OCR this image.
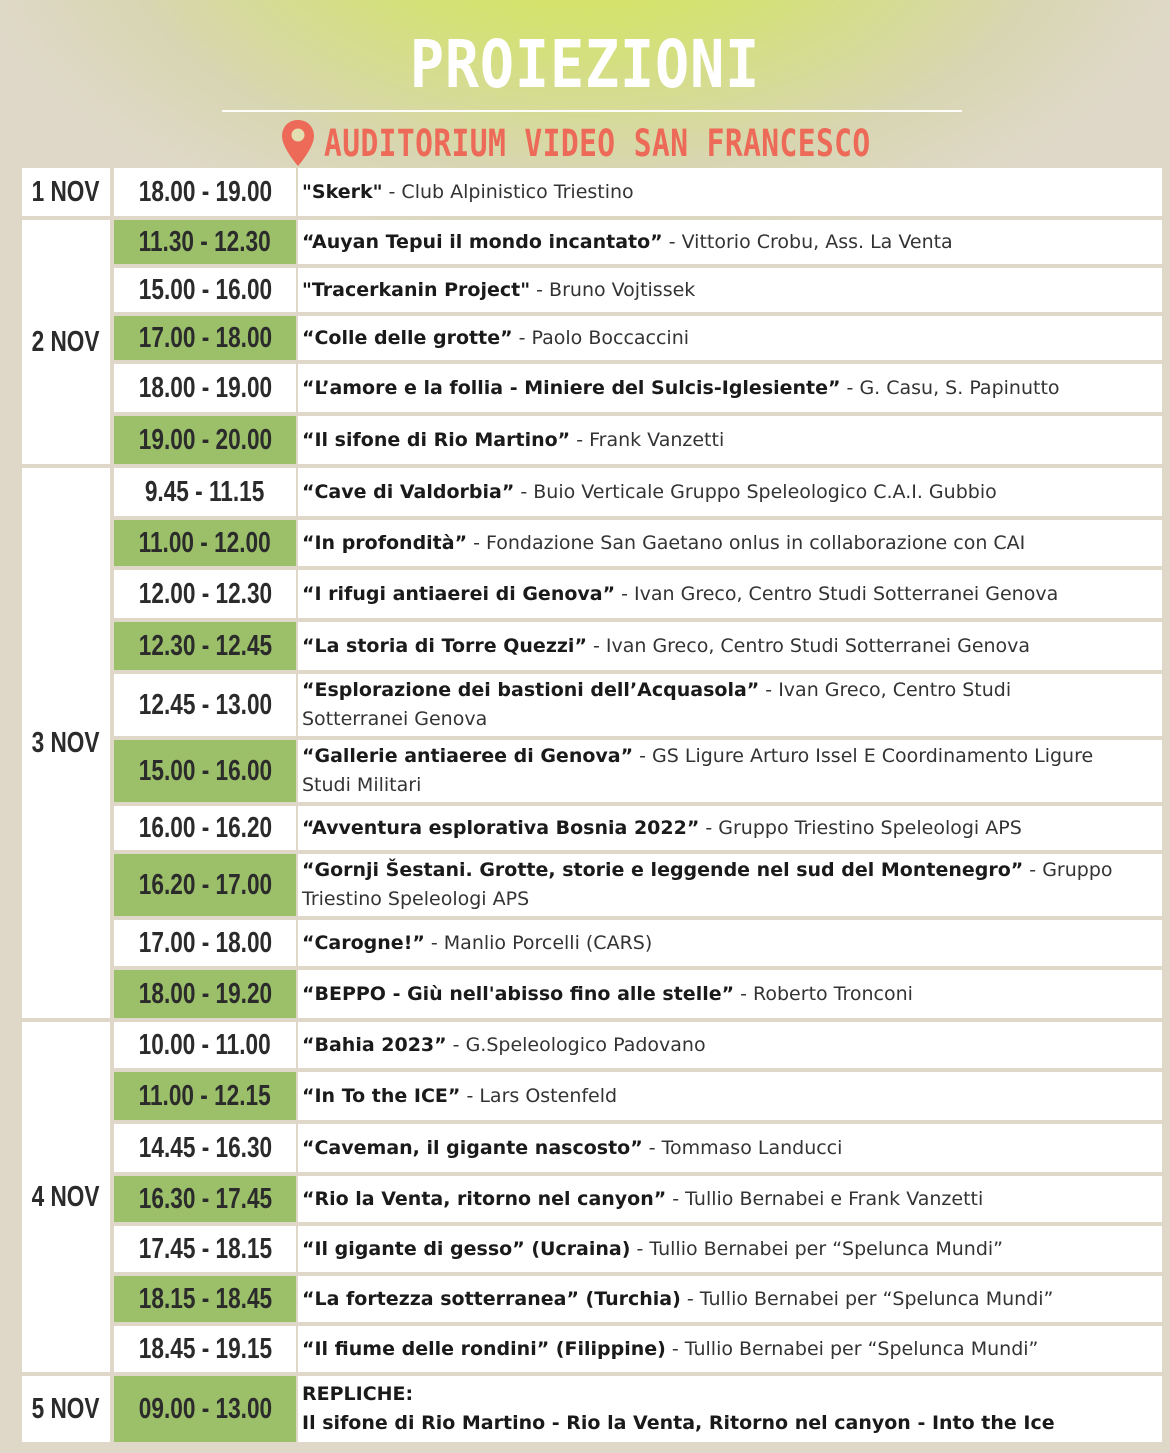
PROIEZIONI
AUDITORIUM VIDEO SAN FRANCESCO
1 NOV
2 NOV
3 NOV
4 NOV
5 NOV
18.00 - 19.00
11.30 - 12.30
15.00 - 16.00
17.00 - 18.00
18.00 - 19.00
19.00 - 20.00
9.45 - 11.15
11.00 - 12.00
12.00 - 12.30
12.30 - 12.45
12.45 - 13.00
15.00 - 16.00
16.00 - 16.20
16.20 - 17.00
17.00 - 18.00
18.00 - 19.20
10.00 - 11.00
11.00 - 12.15
14.45 - 16.30
16.30 - 17.45
17.45 - 18.15
18.15 - 18.45
18.45 - 19.15
09.00 - 13.00
"Skerk" - Club Alpinistico Triestino
“Auyan Tepui il mondo incantato” - Vittorio Crobu, Ass. La Venta
"Tracerkanin Project" - Bruno Vojtissek
“Colle delle grotte” - Paolo Boccaccini
“L’amore e la follia - Miniere del Sulcis-Iglesiente” - G. Casu, S. Papinutto
“Il sifone di Rio Martino” - Frank Vanzetti
“Cave di Valdorbia” - Buio Verticale Gruppo Speleologico C.A.I. Gubbio
“In profondità” - Fondazione San Gaetano onlus in collaborazione con CAI
“I rifugi antiaerei di Genova” - Ivan Greco, Centro Studi Sotterranei Genova
“La storia di Torre Quezzi” - Ivan Greco, Centro Studi Sotterranei Genova
“Esplorazione dei bastioni dell’Acquasola” - Ivan Greco, Centro Studi
Sotterranei Genova
“Gallerie antiaeree di Genova” - GS Ligure Arturo Issel E Coordinamento Ligure
Studi Militari
“Avventura esplorativa Bosnia 2022” - Gruppo Triestino Speleologi APS
“Gornji Šestani. Grotte, storie e leggende nel sud del Montenegro” - Gruppo
Triestino Speleologi APS
“Carogne!” - Manlio Porcelli (CARS)
“BEPPO - Giù nell'abisso fino alle stelle” - Roberto Tronconi
“Bahia 2023” - G.Speleologico Padovano
“In To the ICE” - Lars Ostenfeld
“Caveman, il gigante nascosto” - Tommaso Landucci
“Rio la Venta, ritorno nel canyon” - Tullio Bernabei e Frank Vanzetti
“Il gigante di gesso” (Ucraina) - Tullio Bernabei per “Spelunca Mundi”
“La fortezza sotterranea” (Turchia) - Tullio Bernabei per “Spelunca Mundi”
“Il fiume delle rondini” (Filippine) - Tullio Bernabei per “Spelunca Mundi”
REPLICHE:
Il sifone di Rio Martino - Rio la Venta, Ritorno nel canyon - Into the Ice
